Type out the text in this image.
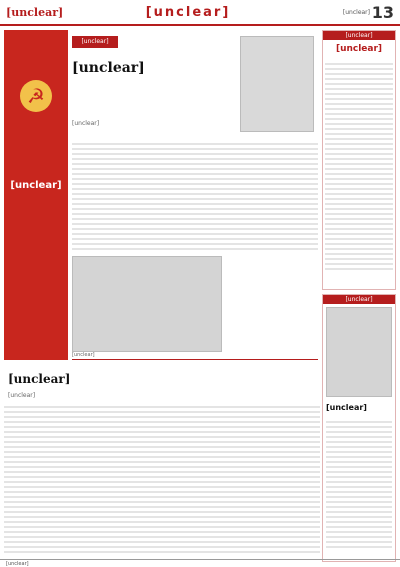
[unclear]	[unclear]	[unclear] 13
☭
[unclear]
[unclear]
[unclear]
[unclear]
[unclear]
[unclear]
[unclear]
[unclear]
[unclear]
[unclear]
[unclear]
[unclear]
